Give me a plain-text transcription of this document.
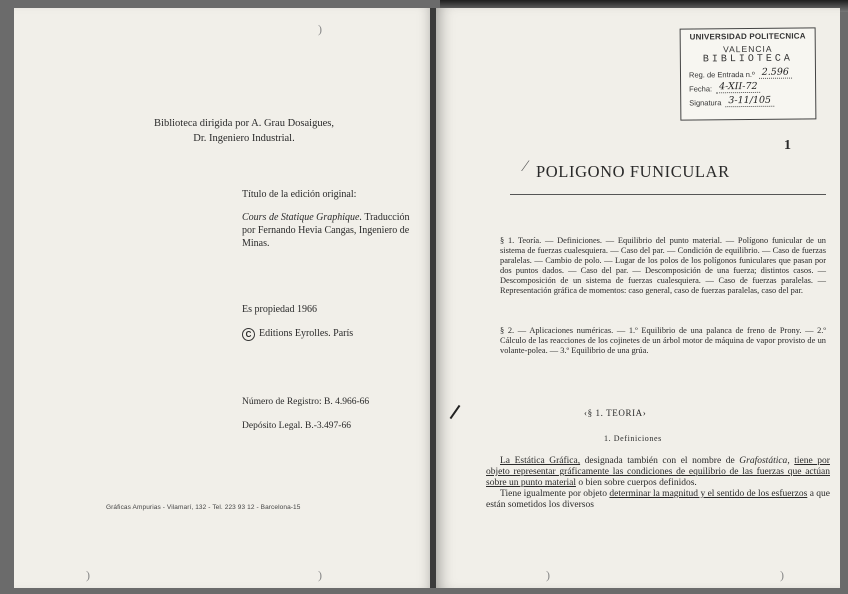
Biblioteca dirigida por A. Grau Dosaigues,
Dr. Ingeniero Industrial.
Título de la edición original:
Cours de Statique Graphique. Traducción por Fernando Hevia Cangas, Ingeniero de Minas.
Es propiedad 1966
C Editions Eyrolles. París
Número de Registro: B. 4.966-66
Depósito Legal. B.-3.497-66
Gráficas Ampurias - Vilamarí, 132 - Tel. 223 93 12 - Barcelona-15
)
)	)
UNIVERSIDAD POLITECNICA
VALENCIA
BIBLIOTECA
Reg. de Entrada n.º 2.596
Fecha: 4-XII-72
Signatura 3-11/105
1
⁄ POLIGONO FUNICULAR
§ 1. Teoría. — Definiciones. — Equilibrio del punto material. — Polígono funicular de un sistema de fuerzas cualesquiera. — Caso del par. — Condición de equilibrio. — Caso de fuerzas paralelas. — Cambio de polo. — Lugar de los polos de los polígonos funiculares que pasan por dos puntos dados. — Caso del par. — Descomposición de una fuerza; distintos casos. — Descomposición de un sistema de fuerzas cualesquiera. — Caso de fuerzas paralelas. — Representación gráfica de momentos: caso general, caso de fuerzas paralelas, caso del par.
§ 2. — Aplicaciones numéricas. — 1.º Equilibrio de una palanca de freno de Prony. — 2.º Cálculo de las reacciones de los cojinetes de un árbol motor de máquina de vapor provisto de un volante-polea. — 3.º Equilibrio de una grúa.
‹§ 1. TEORIA›
1. Definiciones
La Estática Gráfica, designada también con el nombre de Grafostática, tiene por objeto representar gráficamente las condiciones de equilibrio de las fuerzas que actúan sobre un punto material o bien sobre cuerpos definidos.
Tiene igualmente por objeto determinar la magnitud y el sentido de los esfuerzos a que están sometidos los diversos
)	)
